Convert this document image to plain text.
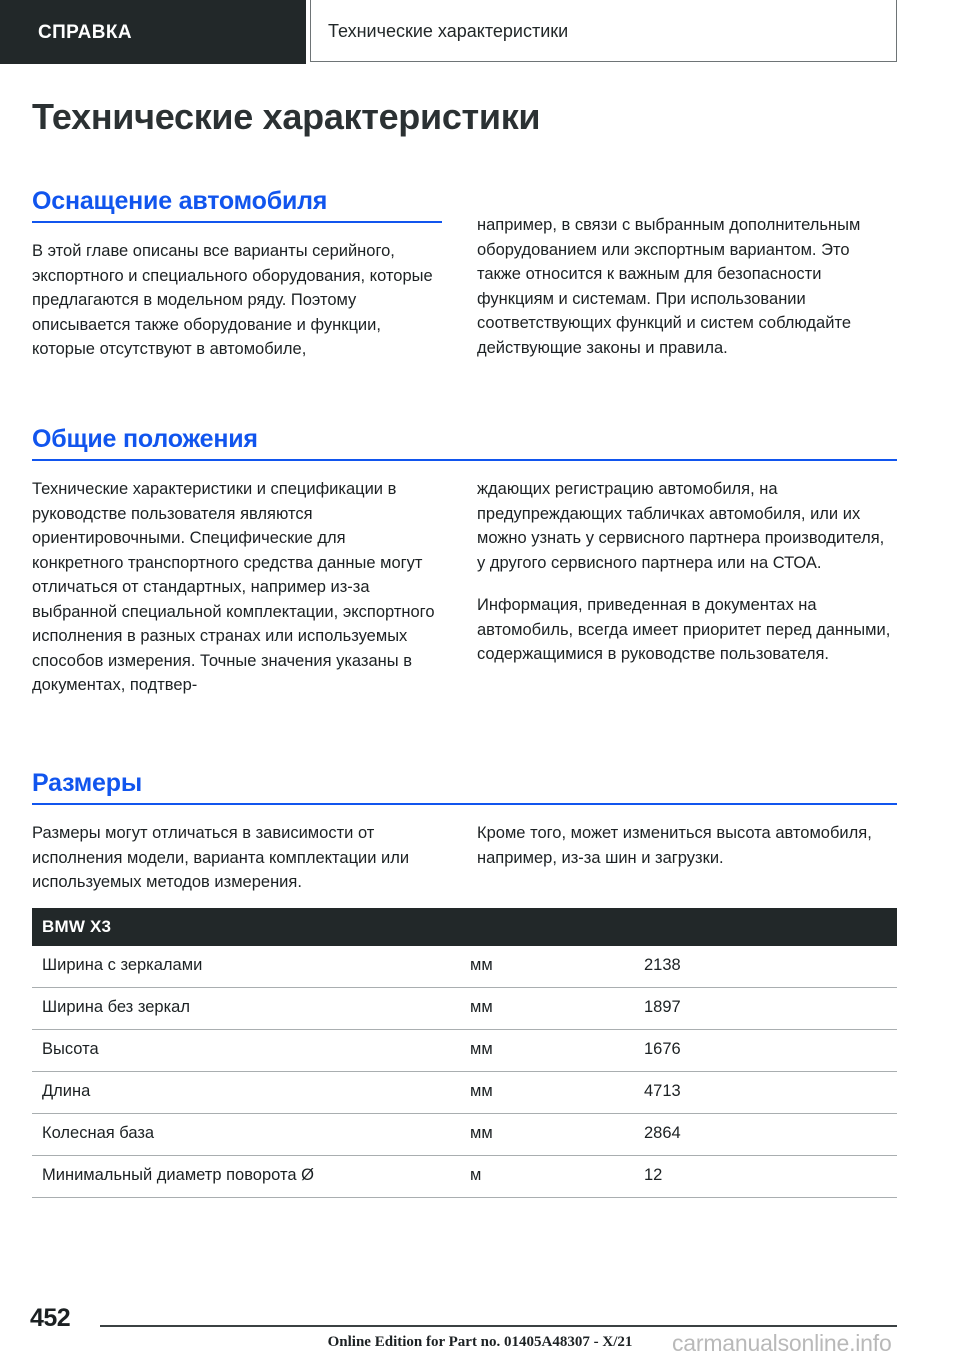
СПРАВКА	Технические характеристики
Технические характеристики
Оснащение автомобиля

В этой главе описаны все варианты серийного, экспортного и специального оборудования, которые предлагаются в модельном ряду. Поэтому описывается также оборудование и функции, которые отсутствуют в автомобиле,

например, в связи с выбранным дополнительным оборудованием или экспортным вариантом. Это также относится к важным для безопасности функциям и системам. При использовании соответствующих функций и систем соблюдайте действующие законы и правила.

Общие положения

Технические характеристики и спецификации в руководстве пользователя являются ориентировочными. Специфические для конкретного транспортного средства данные могут отличаться от стандартных, например из-за выбранной специальной комплектации, экспортного исполнения в разных странах или используемых способов измерения. Точные значения указаны в документах, подтвер-

ждающих регистрацию автомобиля, на предупреждающих табличках автомобиля, или их можно узнать у сервисного партнера производителя, у другого сервисного партнера или на СТОА.

Информация, приведенная в документах на автомобиль, всегда имеет приоритет перед данными, содержащимися в руководстве пользователя.

Размеры

Размеры могут отличаться в зависимости от исполнения модели, варианта комплектации или используемых методов измерения.

Кроме того, может измениться высота автомобиля, например, из-за шин и загрузки.

BMW X3
Ширина с зеркалами	мм	2138
Ширина без зеркал	мм	1897
Высота	мм	1676
Длина	мм	4713
Колесная база	мм	2864
Минимальный диаметр поворота Ø	м	12
452
Online Edition for Part no. 01405A48307 - X/21	carmanualsonline.info
